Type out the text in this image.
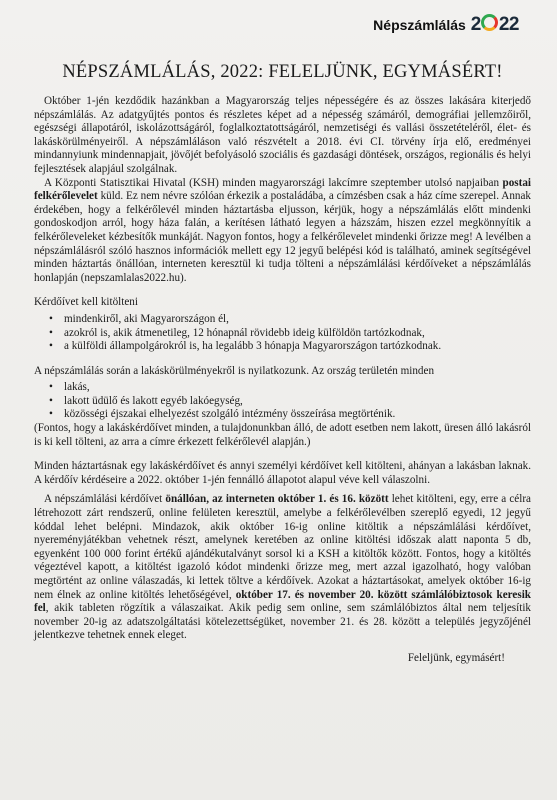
Népszámlálás 2 22
NÉPSZÁMLÁLÁS, 2022: FELELJÜNK, EGYMÁSÉRT!

Október 1-jén kezdődik hazánkban a Magyarország teljes népességére és az összes lakására kiterjedő népszámlálás. Az adatgyűjtés pontos és részletes képet ad a népesség számáról, demográfiai jellemzőiről, egészségi állapotáról, iskolázottságáról, foglalkoztatottságáról, nemzetiségi és vallási összetételéről, élet- és lakáskörülményeiről. A népszámláláson való részvételt a 2018. évi CI. törvény írja elő, eredményei mindannyiunk mindennapjait, jövőjét befolyásoló szociális és gazdasági döntések, országos, regionális és helyi fejlesztések alapjául szolgálnak.

A Központi Statisztikai Hivatal (KSH) minden magyarországi lakcímre szeptember utolsó napjaiban postai felkérőlevelet küld. Ez nem névre szólóan érkezik a postaládába, a címzésben csak a ház címe szerepel. Annak érdekében, hogy a felkérőlevél minden háztartásba eljusson, kérjük, hogy a népszámlálás előtt mindenki gondoskodjon arról, hogy háza falán, a kerítésen látható legyen a házszám, hiszen ezzel megkönnyítik a felkérőleveleket kézbesítők munkáját. Nagyon fontos, hogy a felkérőlevelet mindenki őrizze meg! A levélben a népszámlálásról szóló hasznos információk mellett egy 12 jegyű belépési kód is található, aminek segítségével minden háztartás önállóan, interneten keresztül ki tudja tölteni a népszámlálási kérdőíveket a népszámlálás honlapján (nepszamlalas2022.hu).

Kérdőívet kell kitölteni

• mindenkiről, aki Magyarországon él,
• azokról is, akik átmenetileg, 12 hónapnál rövidebb ideig külföldön tartózkodnak,
• a külföldi állampolgárokról is, ha legalább 3 hónapja Magyarországon tartózkodnak.

A népszámlálás során a lakáskörülményekről is nyilatkozunk. Az ország területén minden

• lakás,
• lakott üdülő és lakott egyéb lakóegység,
• közösségi éjszakai elhelyezést szolgáló intézmény összeírása megtörténik.

(Fontos, hogy a lakáskérdőívet minden, a tulajdonunkban álló, de adott esetben nem lakott, üresen álló lakásról is ki kell tölteni, az arra a címre érkezett felkérőlevél alapján.)

Minden háztartásnak egy lakáskérdőívet és annyi személyi kérdőívet kell kitölteni, ahányan a lakásban laknak. A kérdőív kérdéseire a 2022. október 1-jén fennálló állapotot alapul véve kell válaszolni.

A népszámlálási kérdőívet önállóan, az interneten október 1. és 16. között lehet kitölteni, egy, erre a célra létrehozott zárt rendszerű, online felületen keresztül, amelybe a felkérőlevélben szereplő egyedi, 12 jegyű kóddal lehet belépni. Mindazok, akik október 16-ig online kitöltik a népszámlálási kérdőívet, nyereményjátékban vehetnek részt, amelynek keretében az online kitöltési időszak alatt naponta 5 db, egyenként 100 000 forint értékű ajándékutalványt sorsol ki a KSH a kitöltők között. Fontos, hogy a kitöltés végeztével kapott, a kitöltést igazoló kódot mindenki őrizze meg, mert azzal igazolható, hogy valóban megtörtént az online válaszadás, ki lettek töltve a kérdőívek. Azokat a háztartásokat, amelyek október 16-ig nem élnek az online kitöltés lehetőségével, október 17. és november 20. között számlálóbiztosok keresik fel, akik tableten rögzítik a válaszaikat. Akik pedig sem online, sem számlálóbiztos által nem teljesítik november 20-ig az adatszolgáltatási kötelezettségüket, november 21. és 28. között a település jegyzőjénél jelentkezve tehetnek ennek eleget.

Feleljünk, egymásért!
